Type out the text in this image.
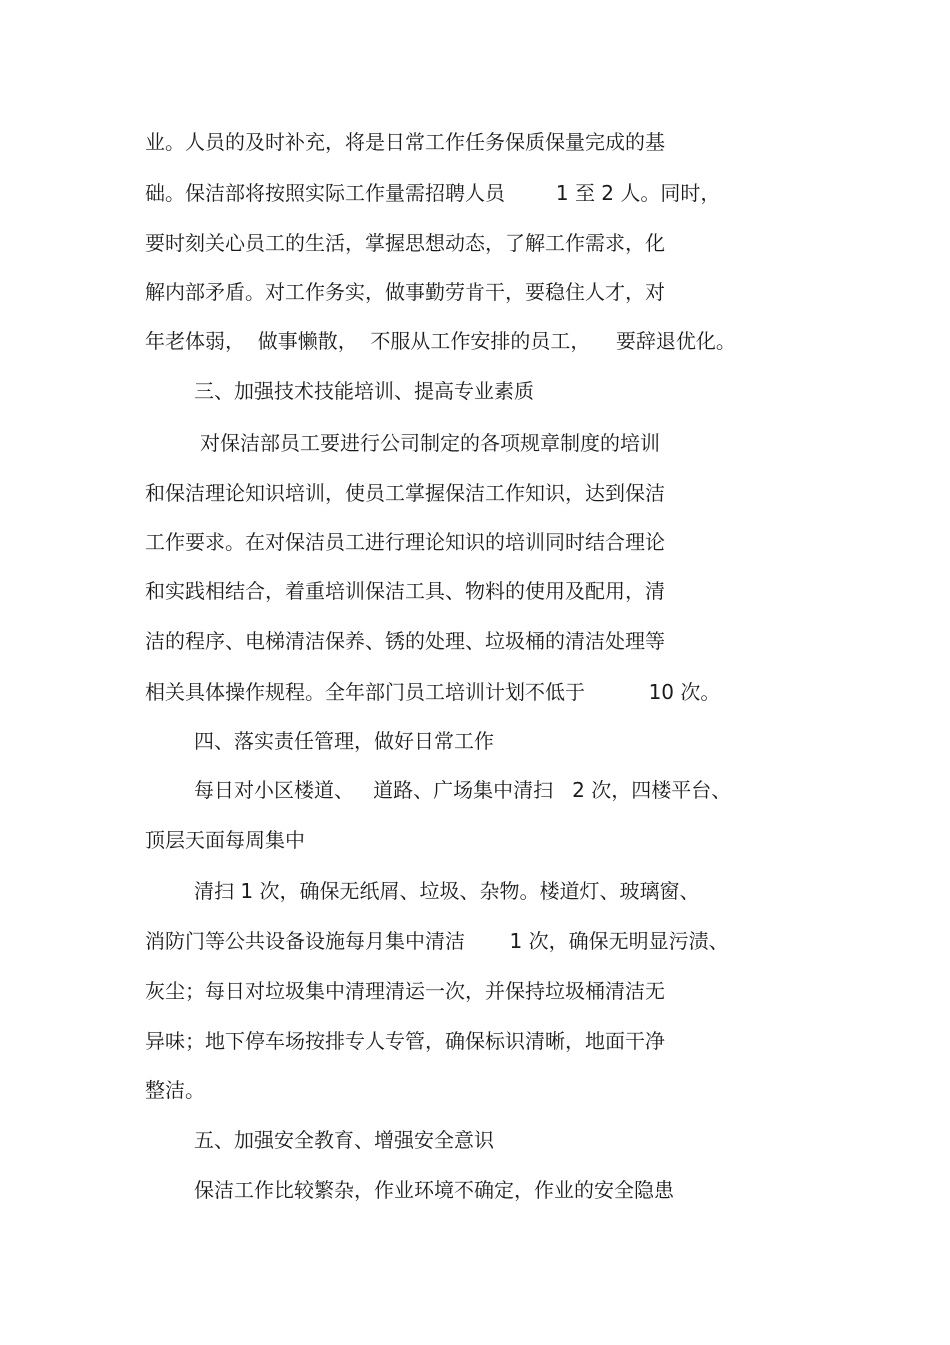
业。人员的及时补充，将是日常工作任务保质保量完成的基
础。保洁部将按照实际工作量需招聘人员        1 至 2 人。同时，
要时刻关心员工的生活，掌握思想动态，了解工作需求，化
解内部矛盾。对工作务实，做事勤劳肯干，要稳住人才，对
年老体弱，  做事懒散，  不服从工作安排的员工，    要辞退优化。
三、加强技术技能培训、提高专业素质
对保洁部员工要进行公司制定的各项规章制度的培训
和保洁理论知识培训，使员工掌握保洁工作知识，达到保洁
工作要求。在对保洁员工进行理论知识的培训同时结合理论
和实践相结合，着重培训保洁工具、物料的使用及配用，清
洁的程序、电梯清洁保养、锈的处理、垃圾桶的清洁处理等
相关具体操作规程。全年部门员工培训计划不低于          10 次。
四、落实责任管理，做好日常工作
每日对小区楼道、   道路、广场集中清扫   2 次，四楼平台、
顶层天面每周集中
清扫 1 次，确保无纸屑、垃圾、杂物。楼道灯、玻璃窗、
消防门等公共设备设施每月集中清洁       1 次，确保无明显污渍、
灰尘；每日对垃圾集中清理清运一次，并保持垃圾桶清洁无
异味；地下停车场按排专人专管，确保标识清晰，地面干净
整洁。
五、加强安全教育、增强安全意识
保洁工作比较繁杂，作业环境不确定，作业的安全隐患
